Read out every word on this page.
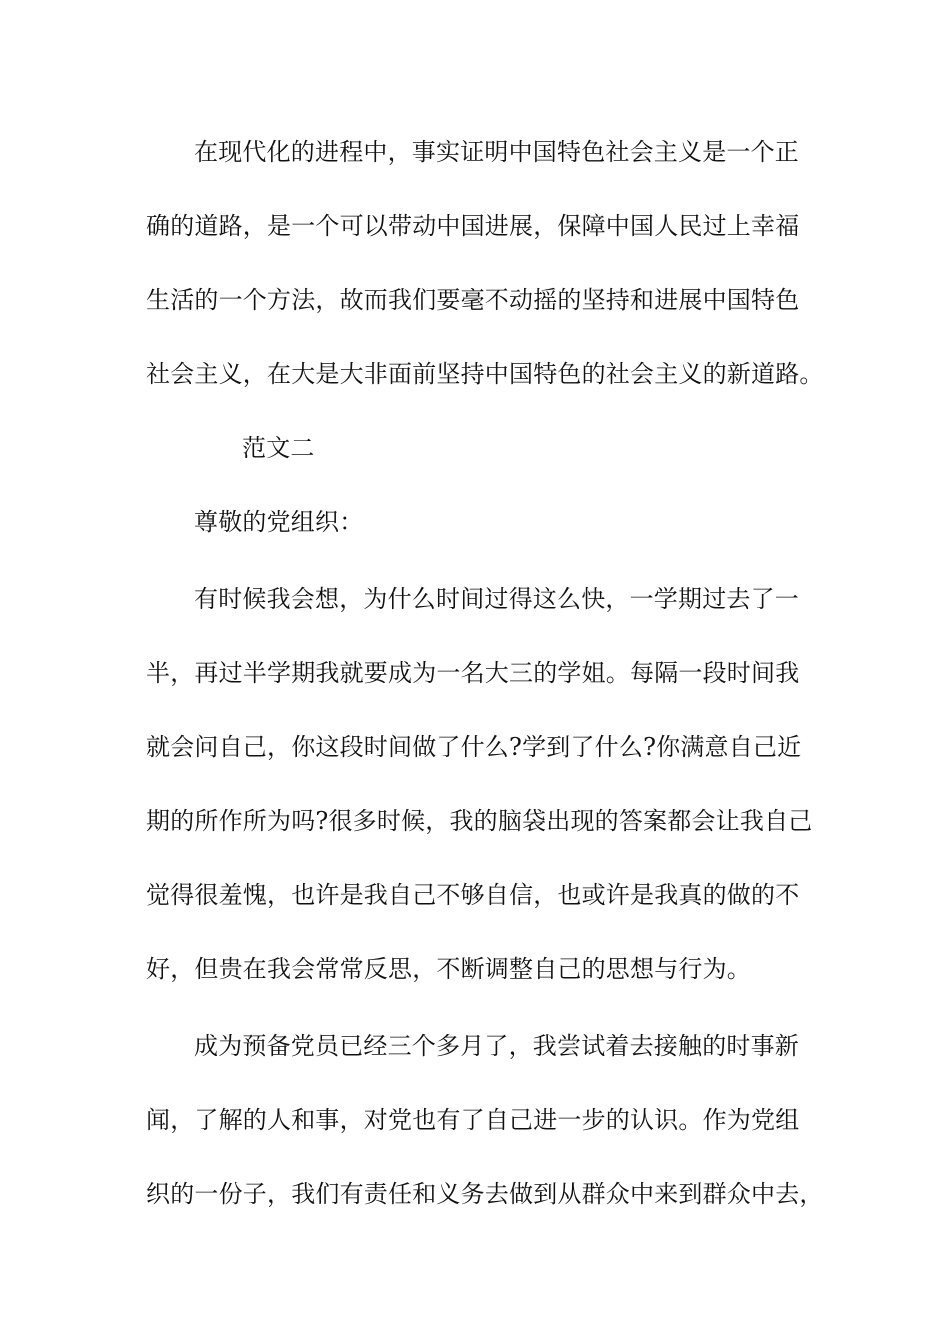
在现代化的进程中，事实证明中国特色社会主义是一个正
确的道路，是一个可以带动中国进展，保障中国人民过上幸福
生活的一个方法，故而我们要毫不动摇的坚持和进展中国特色
社会主义，在大是大非面前坚持中国特色的社会主义的新道路。
范文二
尊敬的党组织：
有时候我会想，为什么时间过得这么快，一学期过去了一
半，再过半学期我就要成为一名大三的学姐。每隔一段时间我
就会问自己，你这段时间做了什么?学到了什么?你满意自己近
期的所作所为吗?很多时候，我的脑袋出现的答案都会让我自己
觉得很羞愧，也许是我自己不够自信，也或许是我真的做的不
好，但贵在我会常常反思，不断调整自己的思想与行为。
成为预备党员已经三个多月了，我尝试着去接触的时事新
闻，了解的人和事，对党也有了自己进一步的认识。作为党组
织的一份子，我们有责任和义务去做到从群众中来到群众中去，
